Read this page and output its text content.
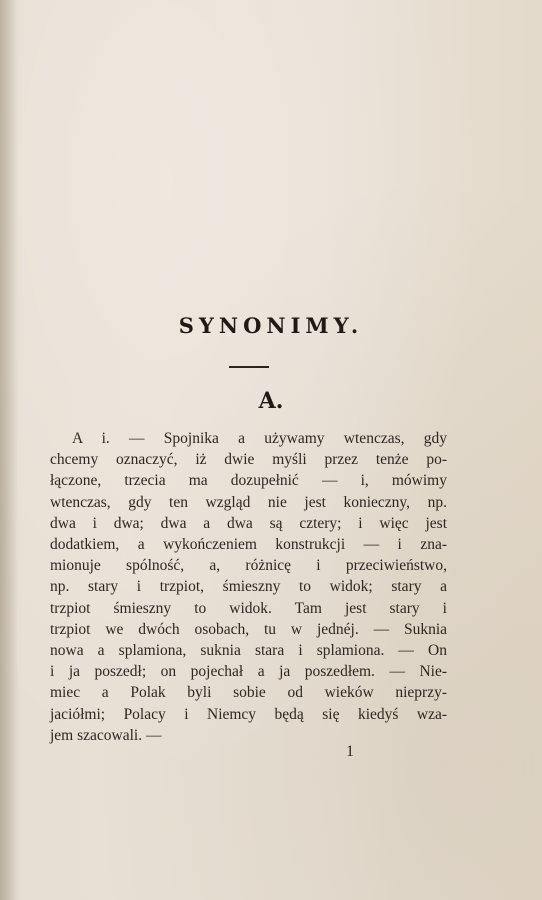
SYNONIMY.
A.
A i. — Spojnika a używamy wtenczas, gdy
chcemy oznaczyć, iż dwie myśli przez tenże po-
łączone, trzecia ma dozupełnić — i, mówimy
wtenczas, gdy ten wzgląd nie jest konieczny, np.
dwa i dwa; dwa a dwa są cztery; i więc jest
dodatkiem, a wykończeniem konstrukcji — i zna-
mionuje spólność, a, różnicę i przeciwieństwo,
np. stary i trzpiot, śmieszny to widok; stary a
trzpiot śmieszny to widok. Tam jest stary i
trzpiot we dwóch osobach, tu w jednéj. — Suknia
nowa a splamiona, suknia stara i splamiona. — On
i ja poszedł; on pojechał a ja poszedłem. — Nie-
miec a Polak byli sobie od wieków nieprzy-
jaciółmi; Polacy i Niemcy będą się kiedyś wza-
jem szacowali. —
1
